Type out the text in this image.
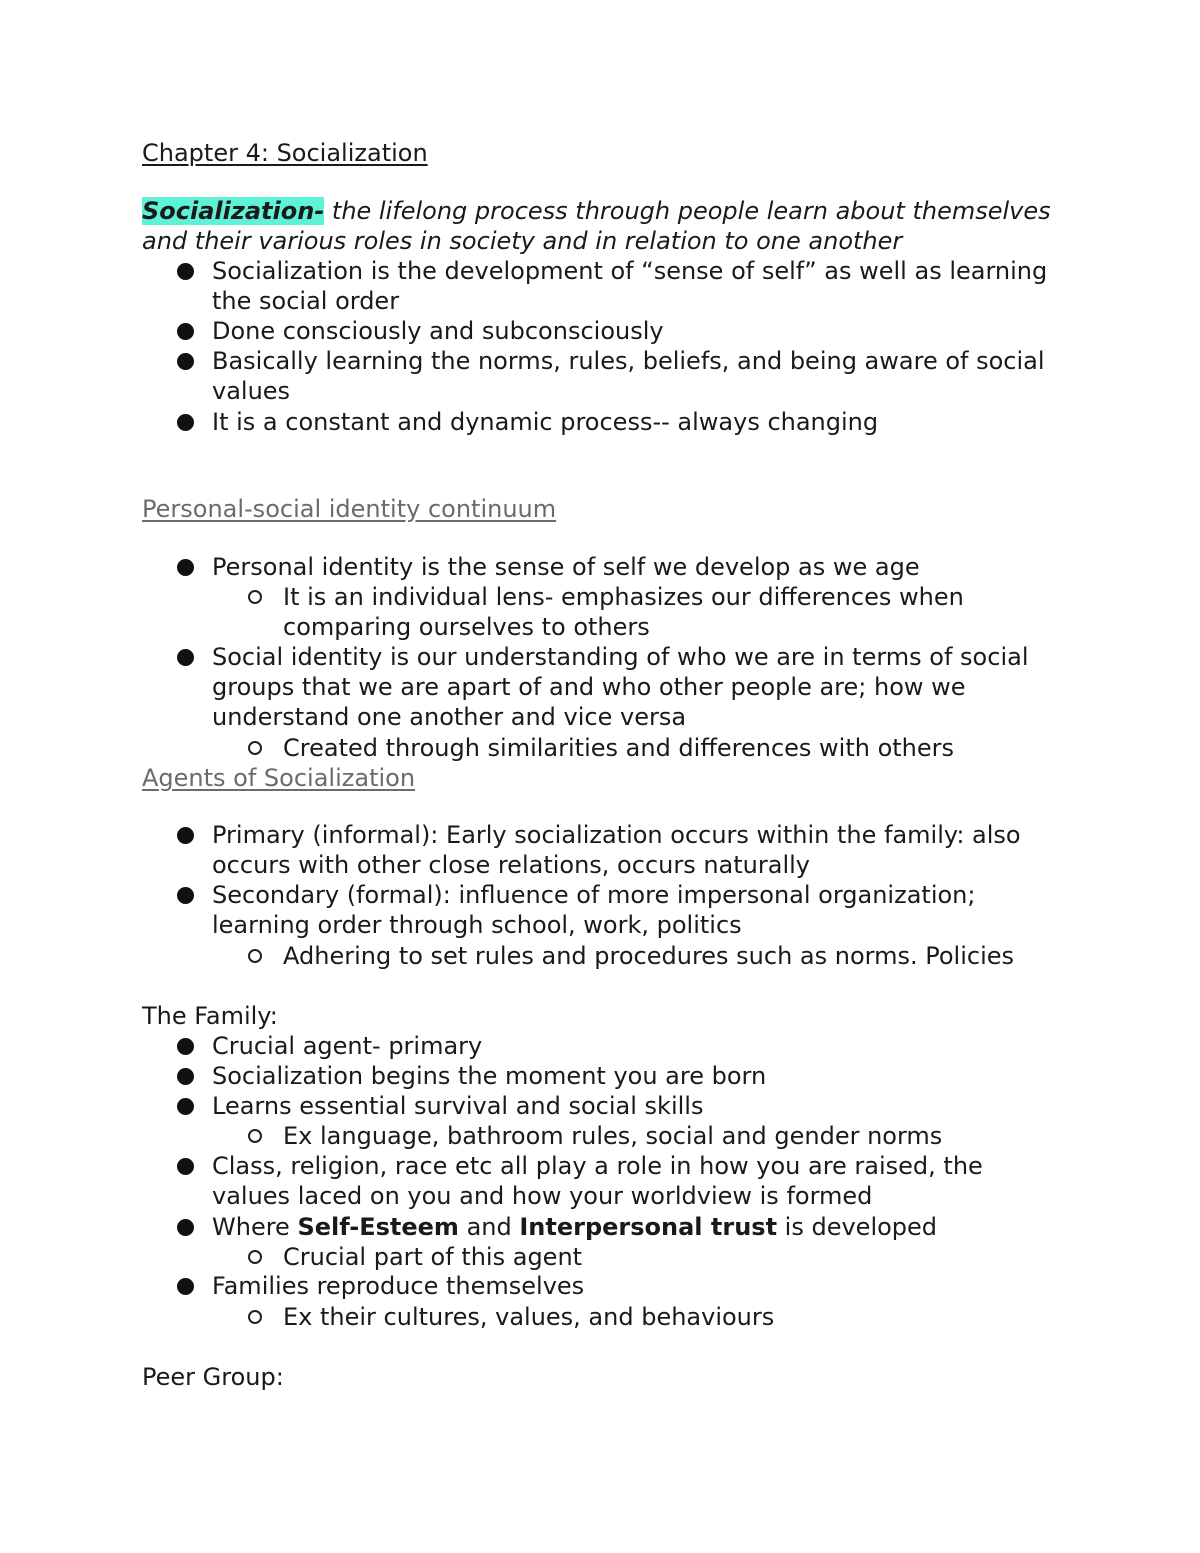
Chapter 4: Socialization
Socialization- the lifelong process through people learn about themselves
and their various roles in society and in relation to one another
Socialization is the development of “sense of self” as well as learning
the social order
Done consciously and subconsciously
Basically learning the norms, rules, beliefs, and being aware of social
values
It is a constant and dynamic process-- always changing
Personal-social identity continuum
Personal identity is the sense of self we develop as we age
It is an individual lens- emphasizes our differences when
comparing ourselves to others
Social identity is our understanding of who we are in terms of social
groups that we are apart of and who other people are; how we
understand one another and vice versa
Created through similarities and differences with others
Agents of Socialization
Primary (informal): Early socialization occurs within the family: also
occurs with other close relations, occurs naturally
Secondary (formal): influence of more impersonal organization;
learning order through school, work, politics
Adhering to set rules and procedures such as norms. Policies
The Family:
Crucial agent- primary
Socialization begins the moment you are born
Learns essential survival and social skills
Ex language, bathroom rules, social and gender norms
Class, religion, race etc all play a role in how you are raised, the
values laced on you and how your worldview is formed
Where Self-Esteem and Interpersonal trust is developed
Crucial part of this agent
Families reproduce themselves
Ex their cultures, values, and behaviours
Peer Group:
